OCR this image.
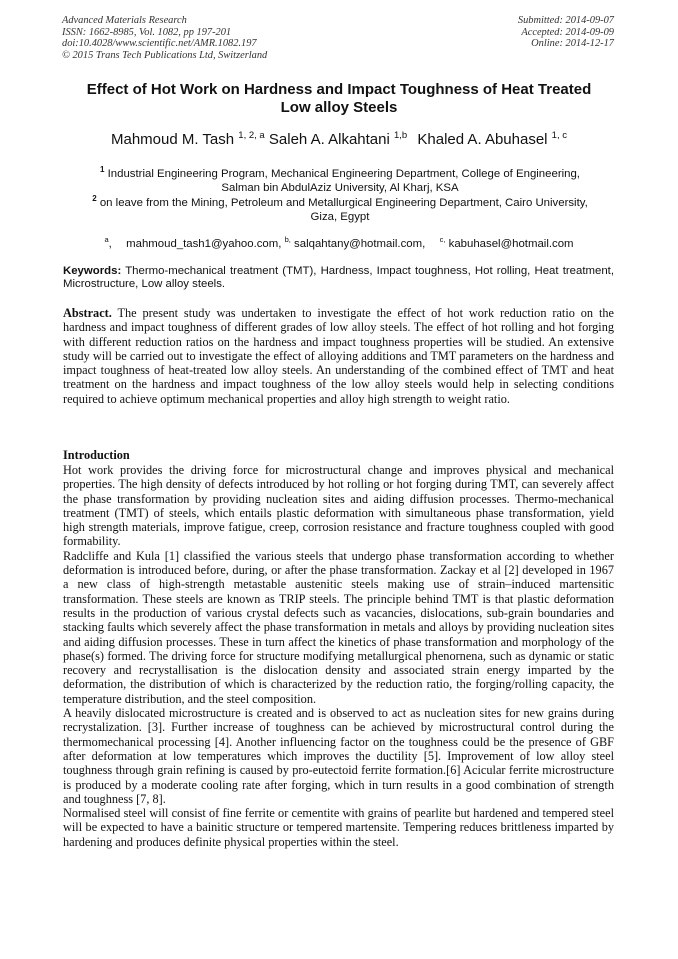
Advanced Materials Research
ISSN: 1662-8985, Vol. 1082, pp 197-201
doi:10.4028/www.scientific.net/AMR.1082.197
© 2015 Trans Tech Publications Ltd, Switzerland
Submitted: 2014-09-07
Accepted: 2014-09-09
Online: 2014-12-17
Effect of Hot Work on Hardness and Impact Toughness of Heat Treated
Low alloy Steels
Mahmoud M. Tash $^{1, 2, a}$ Saleh A. Alkahtani $^{1,b}$ Khaled A. Abuhasel $^{1, c}$
$^1$ Industrial Engineering Program, Mechanical Engineering Department, College of Engineering,
Salman bin AbdulAziz University, Al Kharj, KSA
$^2$ on leave from the Mining, Petroleum and Metallurgical Engineering Department, Cairo University,
Giza, Egypt
$^a$, mahmoud_tash1@yahoo.com, $^{b,}$ salqahtany@hotmail.com, $^{c,}$ kabuhasel@hotmail.com
Keywords: Thermo-mechanical treatment (TMT), Hardness, Impact toughness, Hot rolling, Heat treatment, Microstructure, Low alloy steels.
Abstract. The present study was undertaken to investigate the effect of hot work reduction ratio on the hardness and impact toughness of different grades of low alloy steels. The effect of hot rolling and hot forging with different reduction ratios on the hardness and impact toughness properties will be studied. An extensive study will be carried out to investigate the effect of alloying additions and TMT parameters on the hardness and impact toughness of heat-treated low alloy steels. An understanding of the combined effect of TMT and heat treatment on the hardness and impact toughness of the low alloy steels would help in selecting conditions required to achieve optimum mechanical properties and alloy high strength to weight ratio.
Introduction

Hot work provides the driving force for microstructural change and improves physical and mechanical properties. The high density of defects introduced by hot rolling or hot forging during TMT, can severely affect the phase transformation by providing nucleation sites and aiding diffusion processes. Thermo-mechanical treatment (TMT) of steels, which entails plastic deformation with simultaneous phase transformation, yield high strength materials, improve fatigue, creep, corrosion resistance and fracture toughness coupled with good formability.

Radcliffe and Kula [1] classified the various steels that undergo phase transformation according to whether deformation is introduced before, during, or after the phase transformation. Zackay et al [2] developed in 1967 a new class of high-strength metastable austenitic steels making use of strain–induced martensitic transformation. These steels are known as TRIP steels. The principle behind TMT is that plastic deformation results in the production of various crystal defects such as vacancies, dislocations, sub-grain boundaries and stacking faults which severely affect the phase transformation in metals and alloys by providing nucleation sites and aiding diffusion processes. These in turn affect the kinetics of phase transformation and morphology of the phase(s) formed. The driving force for structure modifying metallurgical phenornena, such as dynamic or static recovery and recrystallisation is the dislocation density and associated strain energy imparted by the deformation, the distribution of which is characterized by the reduction ratio, the forging/rolling capacity, the temperature distribution, and the steel composition.

A heavily dislocated microstructure is created and is observed to act as nucleation sites for new grains during recrystalization. [3]. Further increase of toughness can be achieved by microstructural control during the thermomechanical processing [4]. Another influencing factor on the toughness could be the presence of GBF after deformation at low temperatures which improves the ductility [5]. Improvement of low alloy steel toughness through grain refining is caused by pro-eutectoid ferrite formation.[6] Acicular ferrite microstructure is produced by a moderate cooling rate after forging, which in turn results in a good combination of strength and toughness [7, 8].

Normalised steel will consist of fine ferrite or cementite with grains of pearlite but hardened and tempered steel will be expected to have a bainitic structure or tempered martensite. Tempering reduces brittleness imparted by hardening and produces definite physical properties within the steel.
